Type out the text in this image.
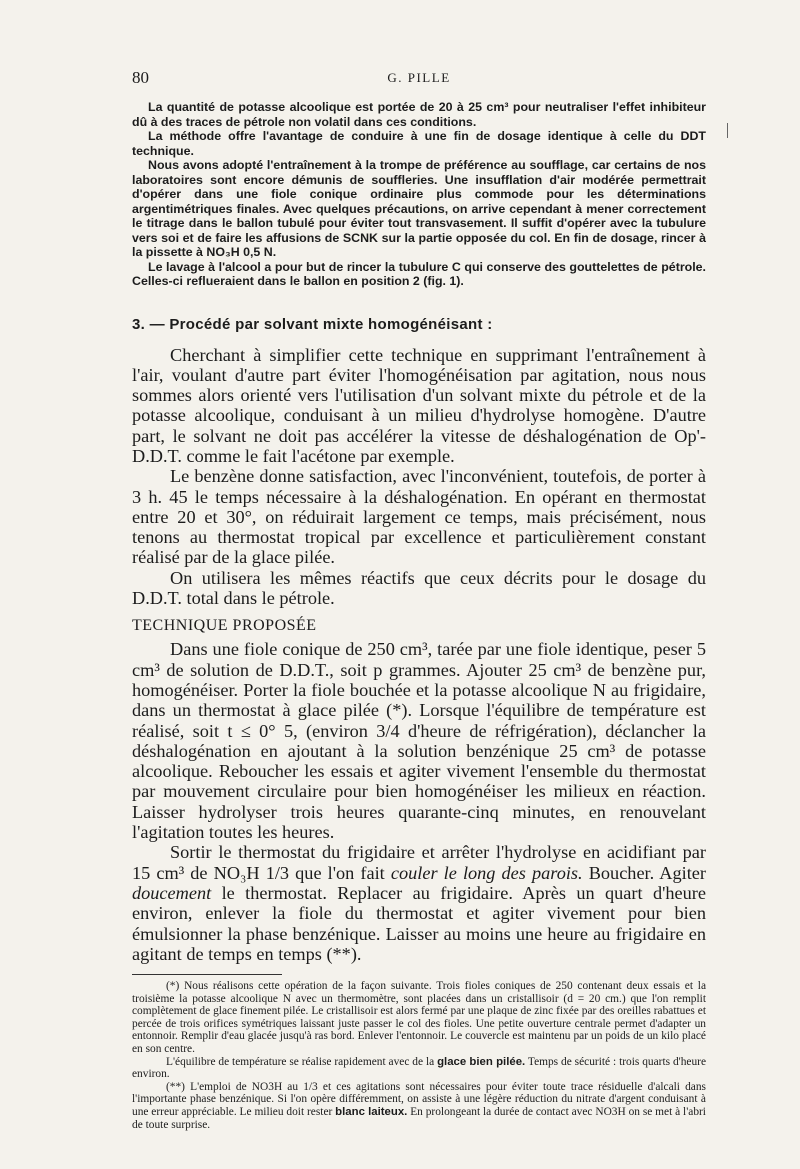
80	G. PILLE

La quantité de potasse alcoolique est portée de 20 à 25 cm³ pour neutraliser l'effet inhibiteur dû à des traces de pétrole non volatil dans ces conditions.

La méthode offre l'avantage de conduire à une fin de dosage identique à celle du DDT technique.

Nous avons adopté l'entraînement à la trompe de préférence au soufflage, car certains de nos laboratoires sont encore démunis de souffleries. Une insufflation d'air modérée permettrait d'opérer dans une fiole conique ordinaire plus commode pour les déterminations argentimétriques finales. Avec quelques précautions, on arrive cependant à mener correctement le titrage dans le ballon tubulé pour éviter tout transvasement. Il suffit d'opérer avec la tubulure vers soi et de faire les affusions de SCNK sur la partie opposée du col. En fin de dosage, rincer à la pissette à NO₃H 0,5 N.

Le lavage à l'alcool a pour but de rincer la tubulure C qui conserve des gouttelettes de pétrole. Celles-ci reflueraient dans le ballon en position 2 (fig. 1).

3. — Procédé par solvant mixte homogénéisant :

Cherchant à simplifier cette technique en supprimant l'entraînement à l'air, voulant d'autre part éviter l'homogénéisation par agitation, nous nous sommes alors orienté vers l'utilisation d'un solvant mixte du pétrole et de la potasse alcoolique, conduisant à un milieu d'hydrolyse homogène. D'autre part, le solvant ne doit pas accélérer la vitesse de déshalogénation de Op'-D.D.T. comme le fait l'acétone par exemple.

Le benzène donne satisfaction, avec l'inconvénient, toutefois, de porter à 3 h. 45 le temps nécessaire à la déshalogénation. En opérant en thermostat entre 20 et 30°, on réduirait largement ce temps, mais précisément, nous tenons au thermostat tropical par excellence et particulièrement constant réalisé par de la glace pilée.

On utilisera les mêmes réactifs que ceux décrits pour le dosage du D.D.T. total dans le pétrole.

TECHNIQUE PROPOSÉE

Dans une fiole conique de 250 cm³, tarée par une fiole identique, peser 5 cm³ de solution de D.D.T., soit p grammes. Ajouter 25 cm³ de benzène pur, homogénéiser. Porter la fiole bouchée et la potasse alcoolique N au frigidaire, dans un thermostat à glace pilée (*). Lorsque l'équilibre de température est réalisé, soit t ≤ 0° 5, (environ 3/4 d'heure de réfrigération), déclancher la déshalogénation en ajoutant à la solution benzénique 25 cm³ de potasse alcoolique. Reboucher les essais et agiter vivement l'ensemble du thermostat par mouvement circulaire pour bien homogénéiser les milieux en réaction. Laisser hydrolyser trois heures quarante-cinq minutes, en renouvelant l'agitation toutes les heures.

Sortir le thermostat du frigidaire et arrêter l'hydrolyse en acidifiant par 15 cm³ de NO₃H 1/3 que l'on fait couler le long des parois. Boucher. Agiter doucement le thermostat. Replacer au frigidaire. Après un quart d'heure environ, enlever la fiole du thermostat et agiter vivement pour bien émulsionner la phase benzénique. Laisser au moins une heure au frigidaire en agitant de temps en temps (**).

(*) Nous réalisons cette opération de la façon suivante. Trois fioles coniques de 250 contenant deux essais et la troisième la potasse alcoolique N avec un thermomètre, sont placées dans un cristallisoir (d = 20 cm.) que l'on remplit complètement de glace finement pilée. Le cristallisoir est alors fermé par une plaque de zinc fixée par des oreilles rabattues et percée de trois orifices symétriques laissant juste passer le col des fioles. Une petite ouverture centrale permet d'adapter un entonnoir. Remplir d'eau glacée jusqu'à ras bord. Enlever l'entonnoir. Le couvercle est maintenu par un poids de un kilo placé en son centre.

L'équilibre de température se réalise rapidement avec de la glace bien pilée. Temps de sécurité : trois quarts d'heure environ.

(**) L'emploi de NO3H au 1/3 et ces agitations sont nécessaires pour éviter toute trace résiduelle d'alcali dans l'importante phase benzénique. Si l'on opère différemment, on assiste à une légère réduction du nitrate d'argent conduisant à une erreur appréciable. Le milieu doit rester blanc laiteux. En prolongeant la durée de contact avec NO3H on se met à l'abri de toute surprise.
